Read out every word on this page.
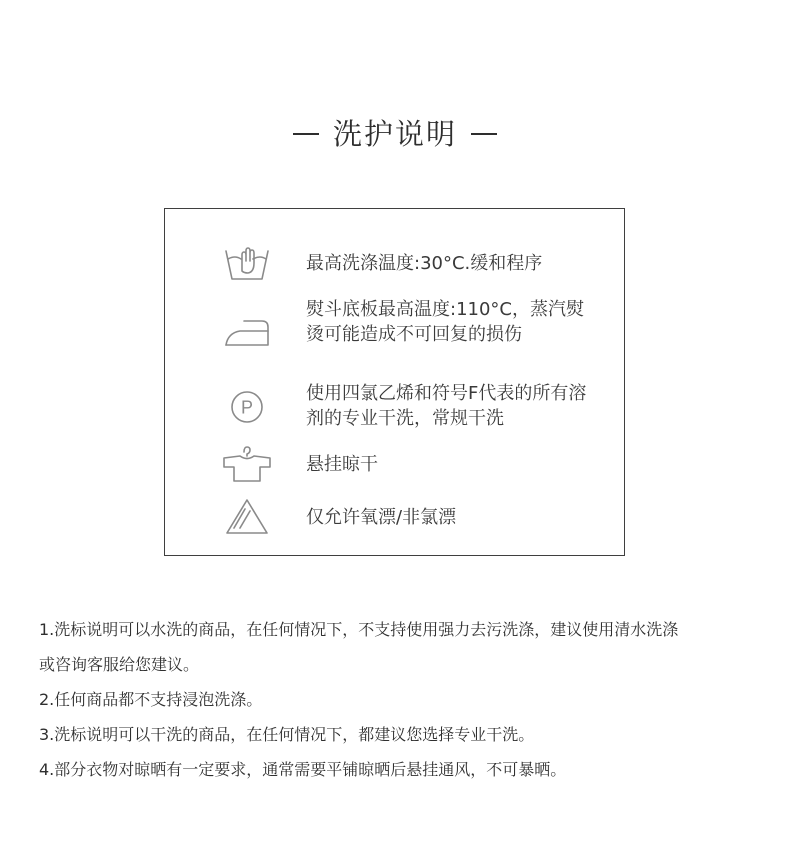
洗护说明
最高洗涤温度:30°C.缓和程序
熨斗底板最高温度:110°C，蒸汽熨烫可能造成不可回复的损伤
P
使用四氯乙烯和符号F代表的所有溶剂的专业干洗，常规干洗
悬挂晾干
仅允许氧漂/非氯漂
1.洗标说明可以水洗的商品，在任何情况下，不支持使用强力去污洗涤，建议使用清水洗涤
或咨询客服给您建议。
2.任何商品都不支持浸泡洗涤。
3.洗标说明可以干洗的商品，在任何情况下，都建议您选择专业干洗。
4.部分衣物对晾晒有一定要求，通常需要平铺晾晒后悬挂通风，不可暴晒。
